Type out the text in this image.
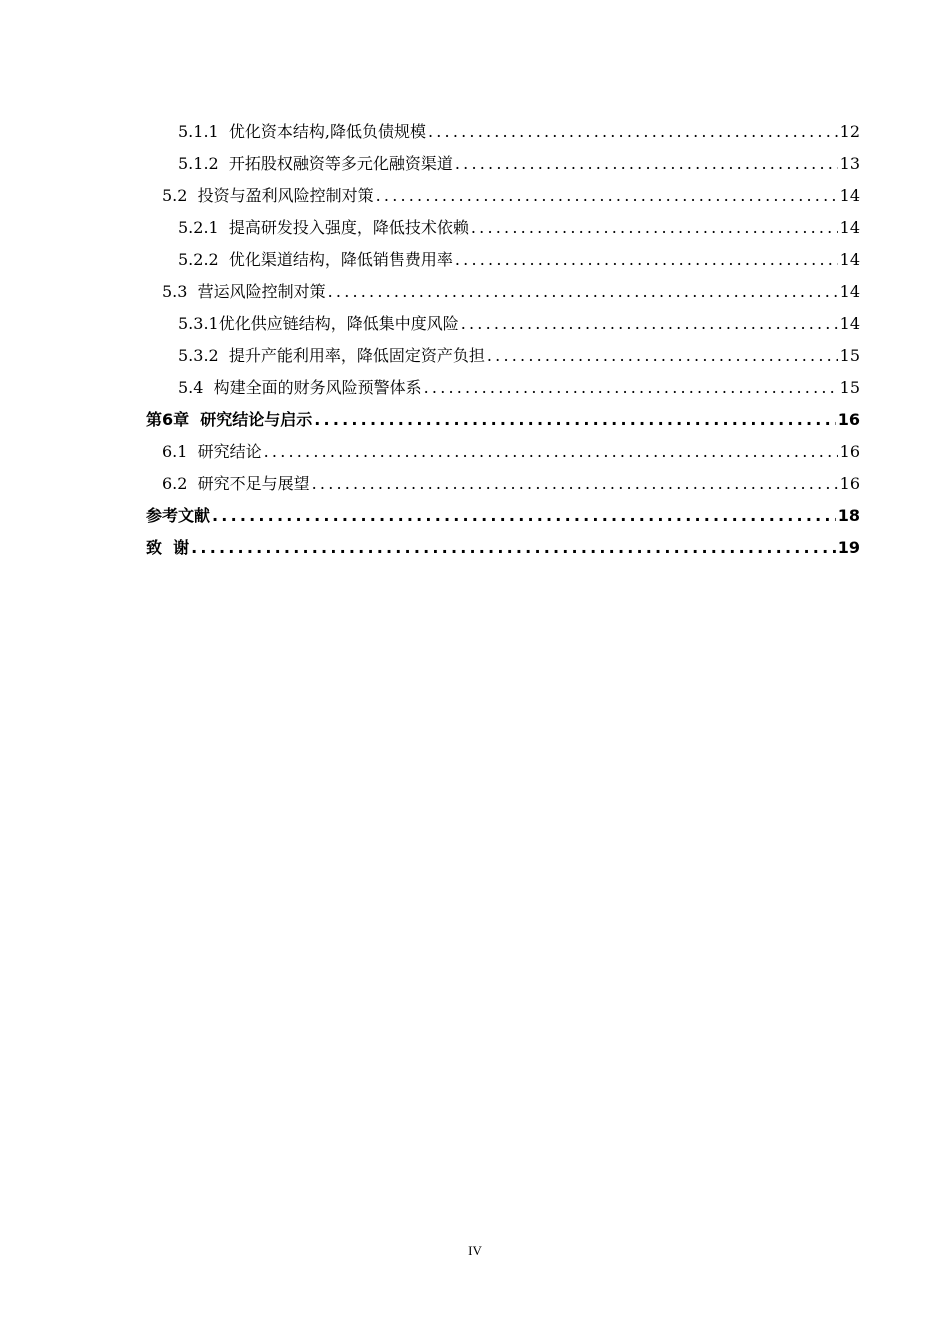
5.1.1  优化资本结构,降低负债规模 .....	12
5.1.2  开拓股权融资等多元化融资渠道 .....	13
5.2  投资与盈利风险控制对策 .....	14
5.2.1  提高研发投入强度，降低技术依赖 .....	14
5.2.2  优化渠道结构，降低销售费用率 .....	14
5.3  营运风险控制对策 .....	14
5.3.1优化供应链结构，降低集中度风险 .....	14
5.3.2  提升产能利用率，降低固定资产负担 .....	15
5.4  构建全面的财务风险预警体系 .....	15
第6章  研究结论与启示 .....	16
6.1  研究结论 .....	16
6.2  研究不足与展望 .....	16
参考文献 .....	18
致  谢 .....	19
IV
